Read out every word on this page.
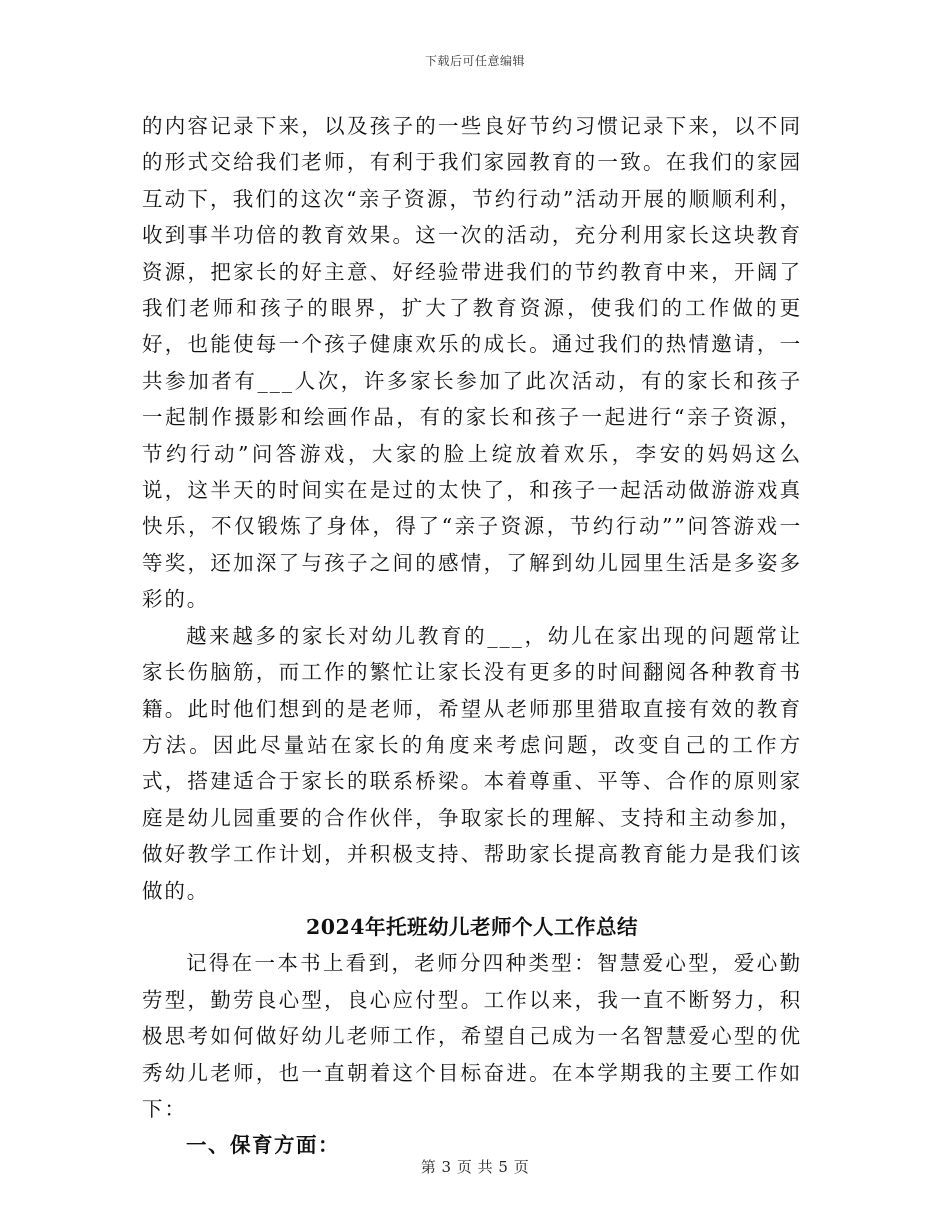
下载后可任意编辑

的内容记录下来，以及孩子的一些良好节约习惯记录下来，以不同的形式交给我们老师，有利于我们家园教育的一致。在我们的家园互动下，我们的这次“亲子资源，节约行动”活动开展的顺顺利利，收到事半功倍的教育效果。这一次的活动，充分利用家长这块教育资源，把家长的好主意、好经验带进我们的节约教育中来，开阔了我们老师和孩子的眼界，扩大了教育资源，使我们的工作做的更好，也能使每一个孩子健康欢乐的成长。通过我们的热情邀请，一共参加者有___人次，许多家长参加了此次活动，有的家长和孩子一起制作摄影和绘画作品，有的家长和孩子一起进行“亲子资源，节约行动”问答游戏，大家的脸上绽放着欢乐，李安的妈妈这么说，这半天的时间实在是过的太快了，和孩子一起活动做游游戏真快乐，不仅锻炼了身体，得了“亲子资源，节约行动””问答游戏一等奖，还加深了与孩子之间的感情，了解到幼儿园里生活是多姿多彩的。

越来越多的家长对幼儿教育的___，幼儿在家出现的问题常让家长伤脑筋，而工作的繁忙让家长没有更多的时间翻阅各种教育书籍。此时他们想到的是老师，希望从老师那里猎取直接有效的教育方法。因此尽量站在家长的角度来考虑问题，改变自己的工作方式，搭建适合于家长的联系桥梁。本着尊重、平等、合作的原则家庭是幼儿园重要的合作伙伴，争取家长的理解、支持和主动参加，做好教学工作计划，并积极支持、帮助家长提高教育能力是我们该做的。

2024年托班幼儿老师个人工作总结

记得在一本书上看到，老师分四种类型：智慧爱心型，爱心勤劳型，勤劳良心型，良心应付型。工作以来，我一直不断努力，积极思考如何做好幼儿老师工作，希望自己成为一名智慧爱心型的优秀幼儿老师，也一直朝着这个目标奋进。在本学期我的主要工作如下：

一、保育方面：

第 3 页 共 5 页
